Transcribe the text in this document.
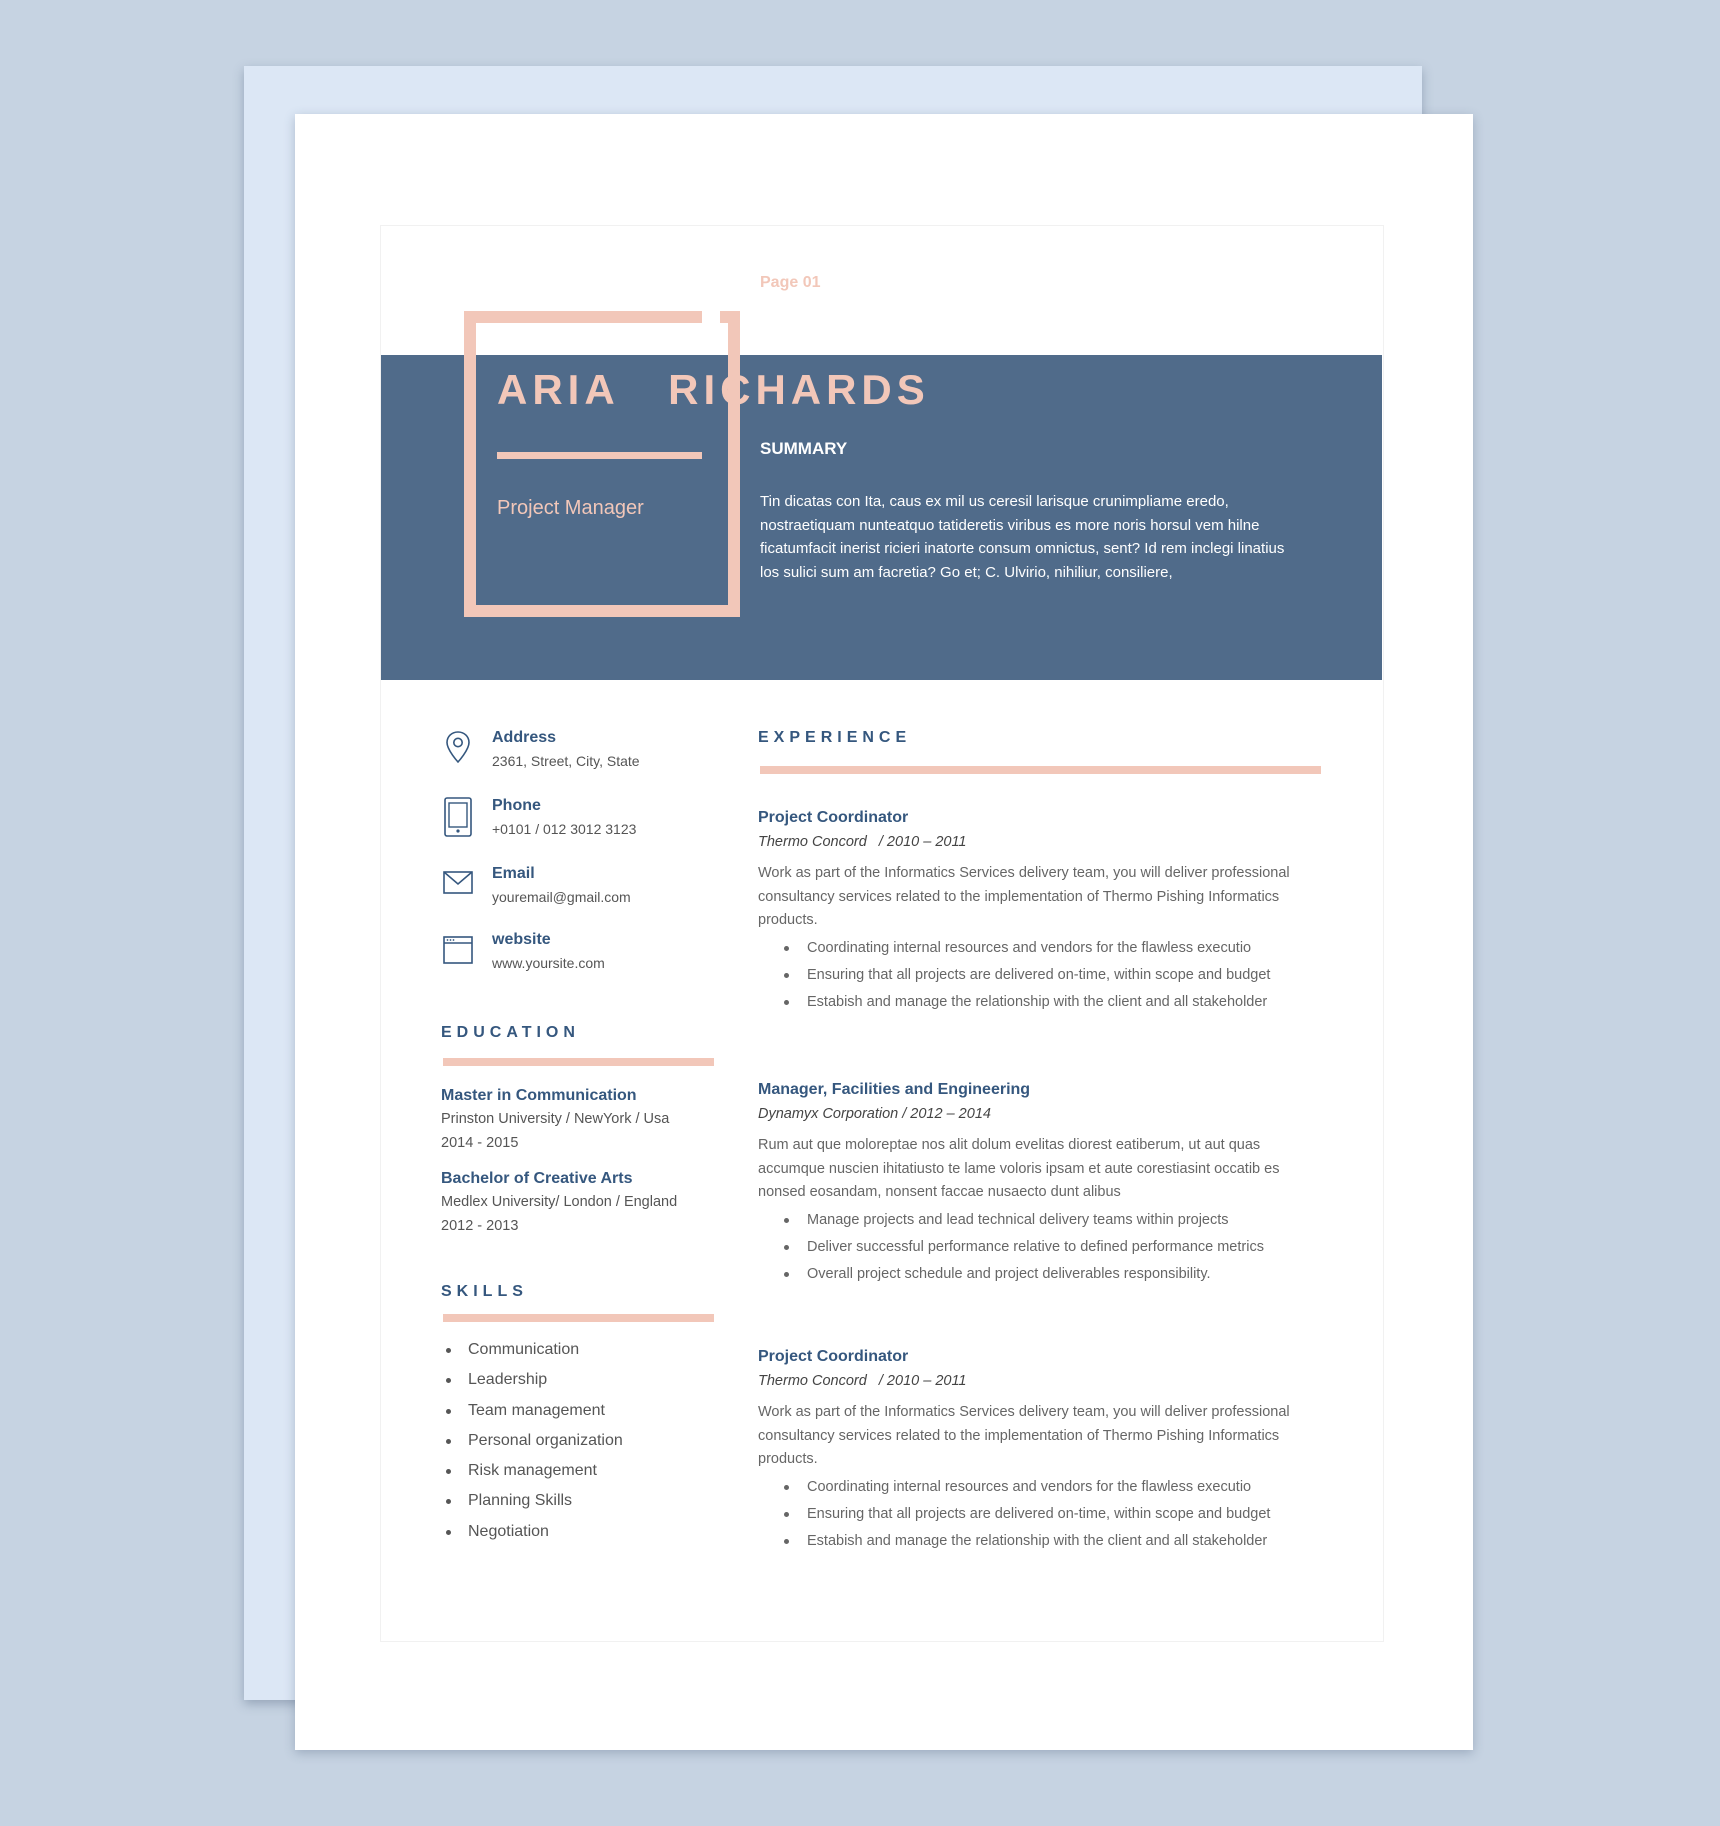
Page 01
ARIA   RICHARDS
Project Manager
SUMMARY
Tin dicatas con Ita, caus ex mil us ceresil larisque crunimpliame eredo, nostraetiquam nunteatquo tatideretis viribus es more noris horsul vem hilne ficatumfacit inerist ricieri inatorte consum omnictus, sent? Id rem inclegi linatius los sulici sum am facretia? Go et; C. Ulvirio, nihiliur, consiliere,
Address
2361, Street, City, State
Phone
+0101 / 012 3012 3123
Email
youremail@gmail.com
website
www.yoursite.com
EDUCATION
Master in Communication
Prinston University / NewYork / Usa
2014 - 2015
Bachelor of Creative Arts
Medlex University/ London / England
2012 - 2013
SKILLS
Communication
Leadership
Team management
Personal organization
Risk management
Planning Skills
Negotiation
EXPERIENCE
Project Coordinator
Thermo Concord   / 2010 – 2011
Work as part of the Informatics Services delivery team, you will deliver professional consultancy services related to the implementation of Thermo Pishing Informatics products.
Coordinating internal resources and vendors for the flawless executio
Ensuring that all projects are delivered on-time, within scope and budget
Estabish and manage the relationship with the client and all stakeholder
Manager, Facilities and Engineering
Dynamyx Corporation / 2012 – 2014
Rum aut que moloreptae nos alit dolum evelitas diorest eatiberum, ut aut quas accumque nuscien ihitatiusto te lame voloris ipsam et aute corestiasint occatib es nonsed eosandam, nonsent faccae nusaecto dunt alibus
Manage projects and lead technical delivery teams within projects
Deliver successful performance relative to defined performance metrics
Overall project schedule and project deliverables responsibility.
Project Coordinator
Thermo Concord   / 2010 – 2011
Work as part of the Informatics Services delivery team, you will deliver professional consultancy services related to the implementation of Thermo Pishing Informatics products.
Coordinating internal resources and vendors for the flawless executio
Ensuring that all projects are delivered on-time, within scope and budget
Estabish and manage the relationship with the client and all stakeholder
